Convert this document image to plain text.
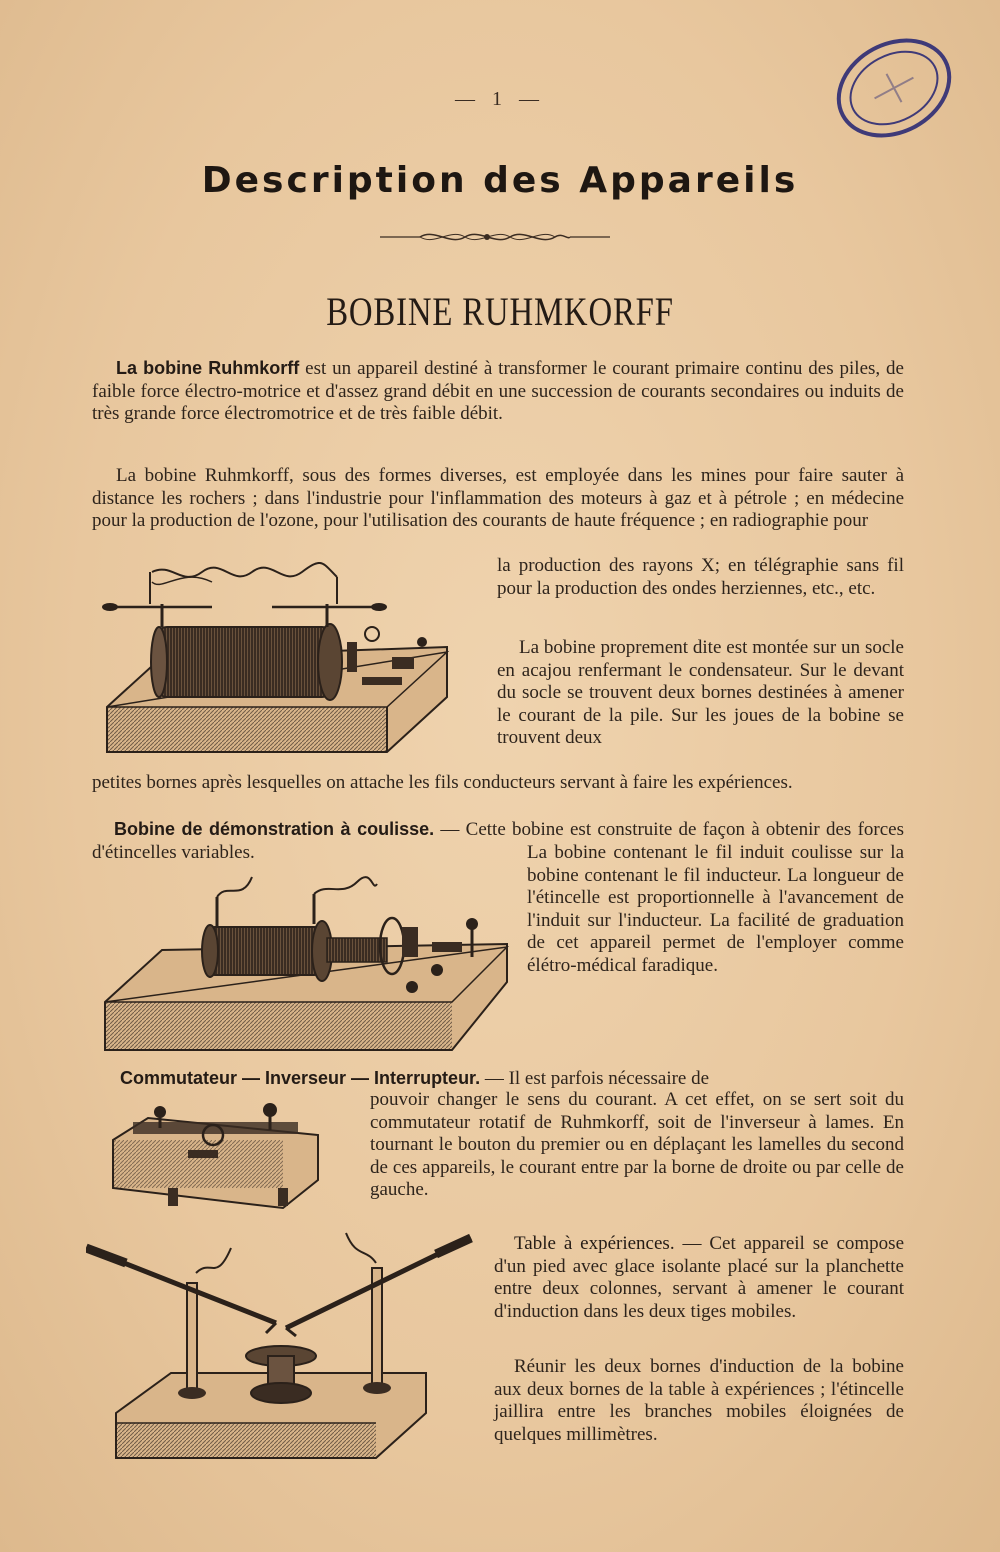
— 1 —
Description des Appareils
BOBINE RUHMKORFF

La bobine Ruhmkorff est un appareil destiné à transformer le courant primaire continu des piles, de faible force électro-motrice et d'assez grand débit en une succession de courants secondaires ou induits de très grande force électromotrice et de très faible débit.

La bobine Ruhmkorff, sous des formes diverses, est employée dans les mines pour faire sauter à distance les rochers ; dans l'industrie pour l'inflammation des moteurs à gaz et à pétrole ; en médecine pour la production de l'ozone, pour l'utilisation des courants de haute fréquence ; en radiographie pour

la production des rayons X; en télégraphie sans fil pour la production des ondes herziennes, etc., etc.

La bobine proprement dite est montée sur un socle en acajou renfermant le condensateur. Sur le devant du socle se trouvent deux bornes destinées à amener le courant de la pile. Sur les joues de la bobine se trouvent deux

petites bornes après lesquelles on attache les fils conducteurs servant à faire les expériences.

Bobine de démonstration à coulisse. — Cette bobine est construite de façon à obtenir des forces d'étincelles variables.	La bobine contenant le fil induit coulisse sur la bobine contenant le fil inducteur. La longueur de l'étincelle est proportionnelle à l'avancement de l'induit sur l'inducteur. La facilité de graduation de cet appareil permet de l'employer comme élétro-médical faradique.

Commutateur — Inverseur — Interrupteur. — Il est parfois nécessaire de

pouvoir changer le sens du courant. A cet effet, on se sert soit du commutateur rotatif de Ruhmkorff, soit de l'inverseur à lames. En tournant le bouton du premier ou en déplaçant les lamelles du second de ces appareils, le courant entre par la borne de droite ou par celle de gauche.

Table à expériences. — Cet appareil se compose d'un pied avec glace isolante placé sur la planchette entre deux colonnes, servant à amener le courant d'induction dans les deux tiges mobiles.

Réunir les deux bornes d'induction de la bobine aux deux bornes de la table à expériences ; l'étincelle jaillira entre les branches mobiles éloignées de quelques millimètres.
